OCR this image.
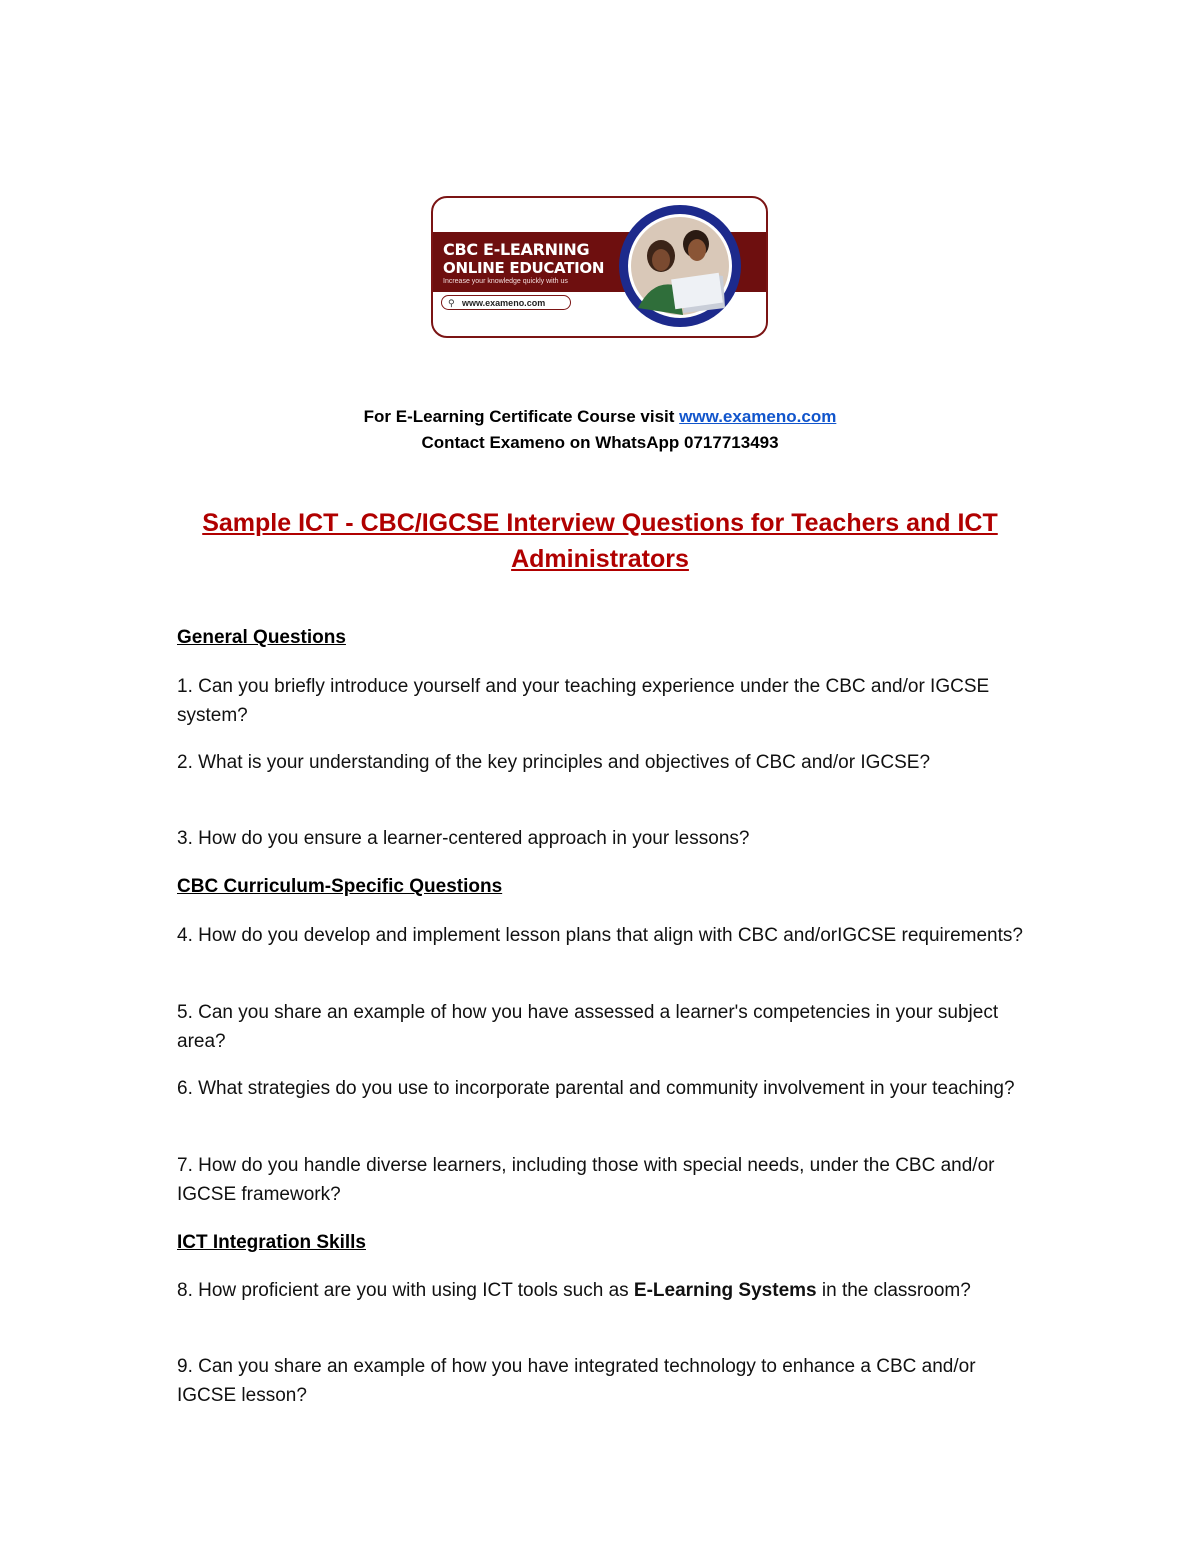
CBC E-LEARNING
ONLINE EDUCATION
Increase your knowledge quickly with us
⚲ www.exameno.com
For E-Learning Certificate Course visit www.exameno.com
Contact Exameno on WhatsApp 0717713493
Sample ICT - CBC/IGCSE Interview Questions for Teachers and ICT Administrators
General Questions
1. Can you briefly introduce yourself and your teaching experience under the CBC and/or IGCSE system?
2. What is your understanding of the key principles and objectives of CBC and/or IGCSE?
3. How do you ensure a learner-centered approach in your lessons?
CBC Curriculum-Specific Questions
4. How do you develop and implement lesson plans that align with CBC and/orIGCSE requirements?
5. Can you share an example of how you have assessed a learner's competencies in your subject area?
6. What strategies do you use to incorporate parental and community involvement in your teaching?
7. How do you handle diverse learners, including those with special needs, under the CBC and/or IGCSE framework?
ICT Integration Skills
8. How proficient are you with using ICT tools such as E-Learning Systems in the classroom?
9. Can you share an example of how you have integrated technology to enhance a CBC and/or IGCSE lesson?
